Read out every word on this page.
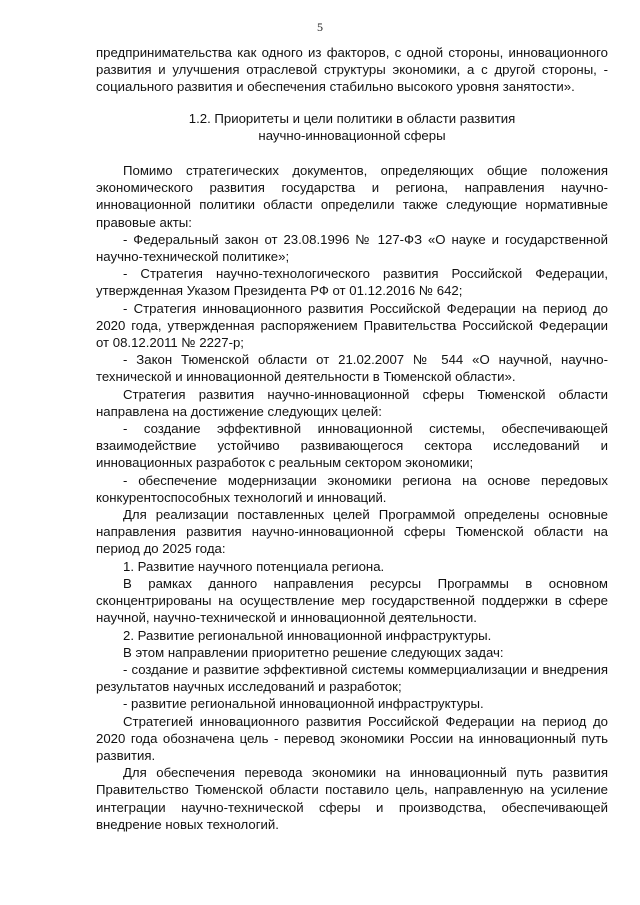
5

предпринимательства как одного из факторов, с одной стороны, инновационного развития и улучшения отраслевой структуры экономики, а с другой стороны, - социального развития и обеспечения стабильно высокого уровня занятости».

1.2. Приоритеты и цели политики в области развития
научно-инновационной сферы

Помимо стратегических документов, определяющих общие положения экономического развития государства и региона, направления научно-инновационной политики области определили также следующие нормативные правовые акты:

- Федеральный закон от 23.08.1996 № 127-ФЗ «О науке и государственной научно-технической политике»;

- Стратегия научно-технологического развития Российской Федерации, утвержденная Указом Президента РФ от 01.12.2016 № 642;

- Стратегия инновационного развития Российской Федерации на период до 2020 года, утвержденная распоряжением Правительства Российской Федерации от 08.12.2011 № 2227-р;

- Закон Тюменской области от 21.02.2007 № 544 «О научной, научно-технической и инновационной деятельности в Тюменской области».

Стратегия развития научно-инновационной сферы Тюменской области направлена на достижение следующих целей:

- создание эффективной инновационной системы, обеспечивающей взаимодействие устойчиво развивающегося сектора исследований и инновационных разработок с реальным сектором экономики;

- обеспечение модернизации экономики региона на основе передовых конкурентоспособных технологий и инноваций.

Для реализации поставленных целей Программой определены основные направления развития научно-инновационной сферы Тюменской области на период до 2025 года:

1. Развитие научного потенциала региона.

В рамках данного направления ресурсы Программы в основном сконцентрированы на осуществление мер государственной поддержки в сфере научной, научно-технической и инновационной деятельности.

2. Развитие региональной инновационной инфраструктуры.

В этом направлении приоритетно решение следующих задач:

- создание и развитие эффективной системы коммерциализации и внедрения результатов научных исследований и разработок;

- развитие региональной инновационной инфраструктуры.

Стратегией инновационного развития Российской Федерации на период до 2020 года обозначена цель - перевод экономики России на инновационный путь развития.

Для обеспечения перевода экономики на инновационный путь развития Правительство Тюменской области поставило цель, направленную на усиление интеграции научно-технической сферы и производства, обеспечивающей внедрение новых технологий.
